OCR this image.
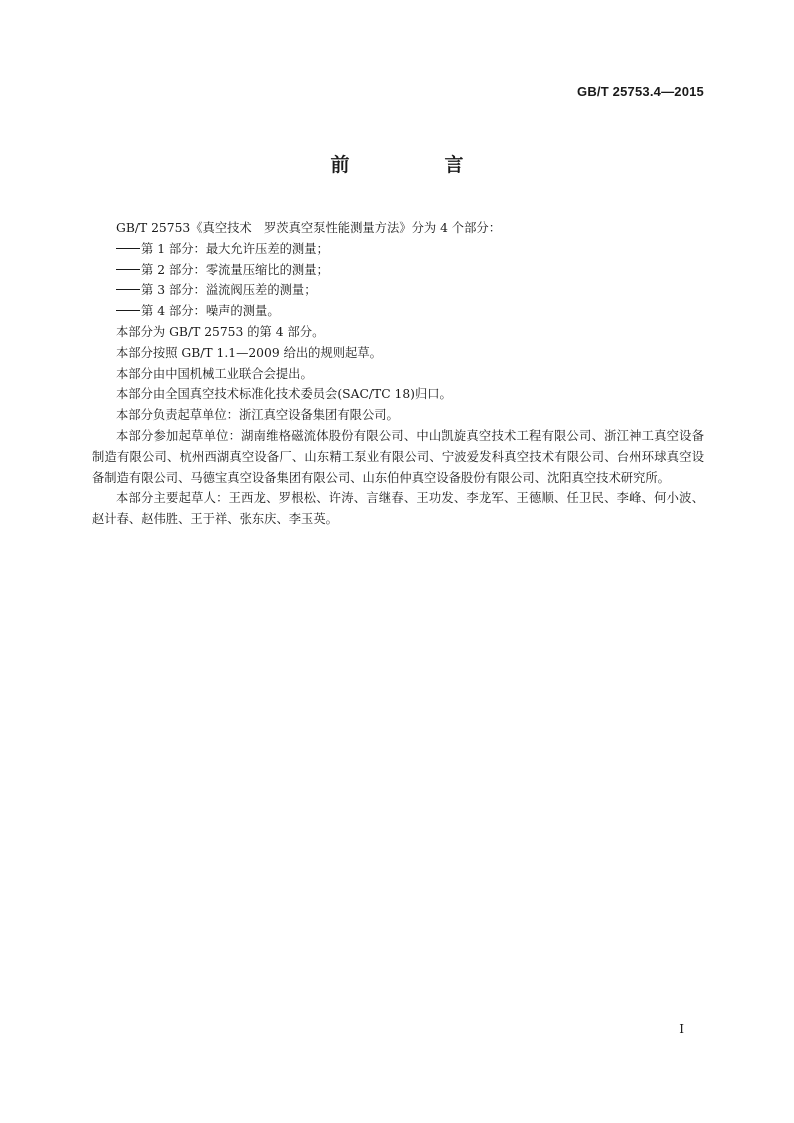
GB/T 25753.4—2015
前　言

GB/T 25753《真空技术　罗茨真空泵性能测量方法》分为 4 个部分：

第 1 部分：最大允许压差的测量；

第 2 部分：零流量压缩比的测量；

第 3 部分：溢流阀压差的测量；

第 4 部分：噪声的测量。

本部分为 GB/T 25753 的第 4 部分。

本部分按照 GB/T 1.1—2009 给出的规则起草。

本部分由中国机械工业联合会提出。

本部分由全国真空技术标准化技术委员会(SAC/TC 18)归口。

本部分负责起草单位：浙江真空设备集团有限公司。

本部分参加起草单位：湖南维格磁流体股份有限公司、中山凯旋真空技术工程有限公司、浙江神工真空设备制造有限公司、杭州西湖真空设备厂、山东精工泵业有限公司、宁波爱发科真空技术有限公司、台州环球真空设备制造有限公司、马德宝真空设备集团有限公司、山东伯仲真空设备股份有限公司、沈阳真空技术研究所。

本部分主要起草人：王西龙、罗根松、许涛、言继春、王功发、李龙军、王德顺、任卫民、李峰、何小波、赵计春、赵伟胜、王于祥、张东庆、李玉英。

I
